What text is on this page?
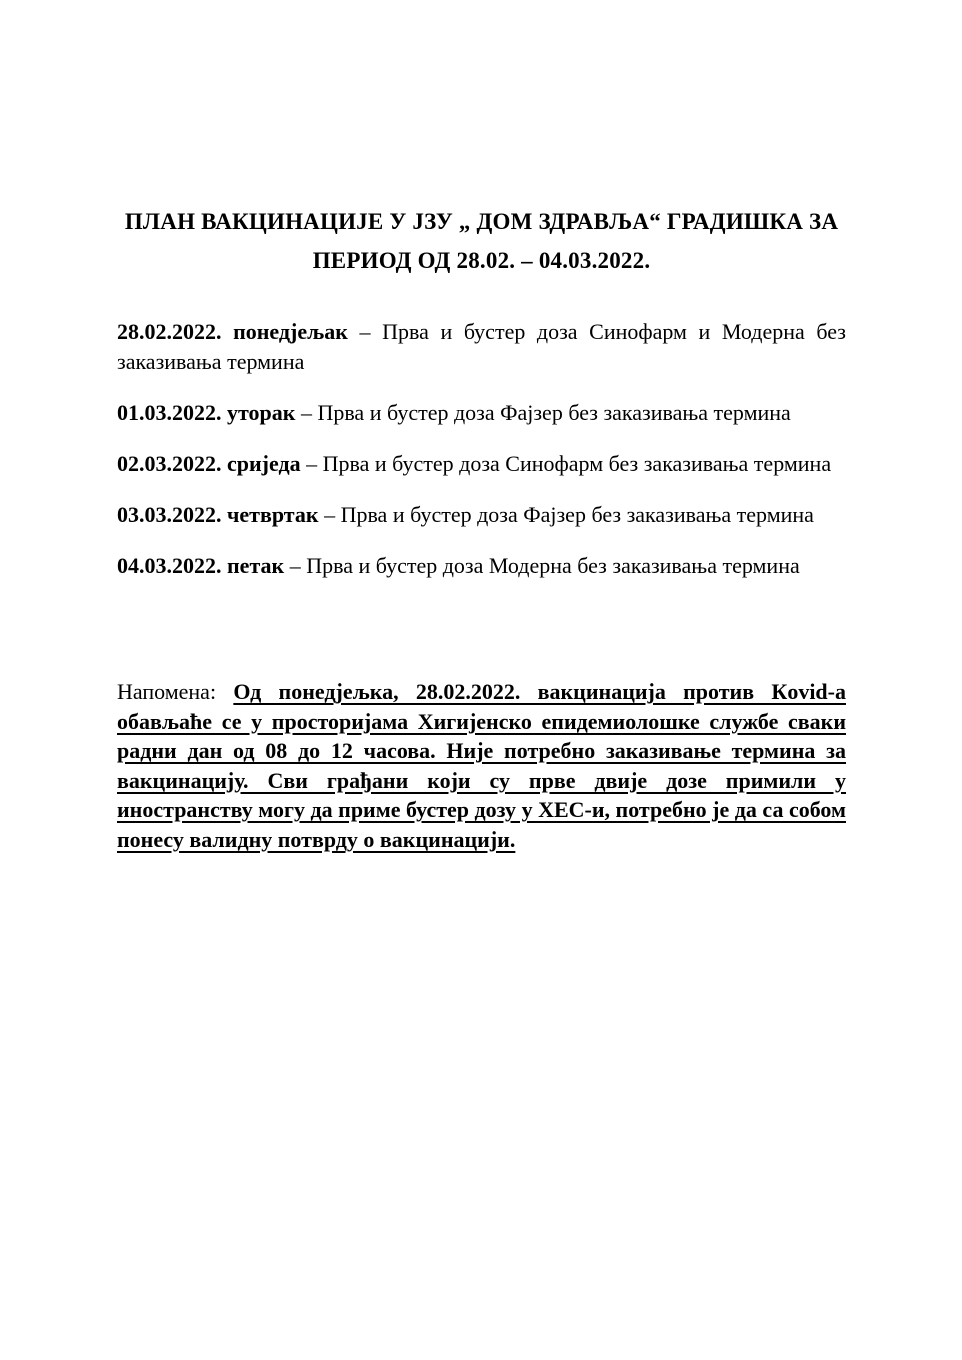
ПЛАН ВАКЦИНАЦИЈЕ У ЈЗУ „ ДОМ ЗДРАВЉА“ ГРАДИШКА ЗА
ПЕРИОД ОД 28.02. – 04.03.2022.

28.02.2022. понедјељак – Прва и бустер доза Синофарм и Модерна без заказивања термина

01.03.2022. уторак – Прва и бустер доза Фајзер без заказивања термина

02.03.2022. сриједа – Прва и бустер доза Синофарм без заказивања термина

03.03.2022. четвртак – Прва и бустер доза Фајзер без заказивања термина

04.03.2022. петак – Прва и бустер доза Модерна без заказивања термина

Напомена: Од понедјељка, 28.02.2022. вакцинација против Кovid-a обављаће се у просторијама Хигијенско епидемиолошке службе сваки радни дан од 08 до 12 часова. Није потребно заказивање термина за вакцинацију. Сви грађани који су прве двије дозе примили у иностранству могу да приме бустер дозу у ХЕС-и, потребно је да са собом понесу валидну потврду о вакцинацији.
